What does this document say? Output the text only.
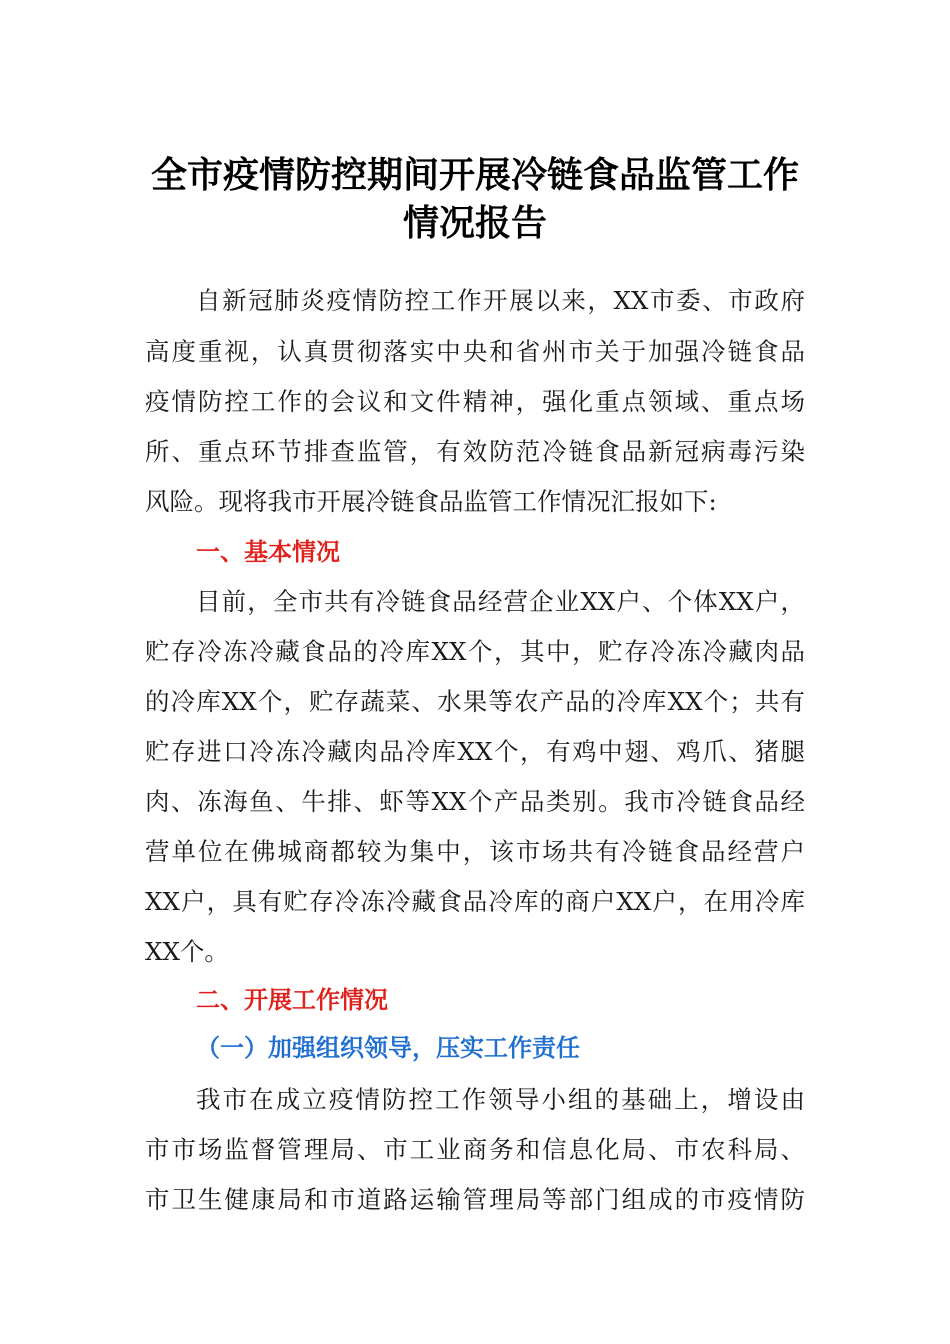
全市疫情防控期间开展冷链食品监管工作
情况报告

自新冠肺炎疫情防控工作开展以来，XX市委、市政府

高度重视，认真贯彻落实中央和省州市关于加强冷链食品

疫情防控工作的会议和文件精神，强化重点领域、重点场

所、重点环节排查监管，有效防范冷链食品新冠病毒污染

风险。现将我市开展冷链食品监管工作情况汇报如下:

一、基本情况

目前，全市共有冷链食品经营企业XX户、个体XX户，

贮存冷冻冷藏食品的冷库XX个，其中，贮存冷冻冷藏肉品

的冷库XX个，贮存蔬菜、水果等农产品的冷库XX个；共有

贮存进口冷冻冷藏肉品冷库XX个，有鸡中翅、鸡爪、猪腿

肉、冻海鱼、牛排、虾等XX个产品类别。我市冷链食品经

营单位在佛城商都较为集中，该市场共有冷链食品经营户

XX户，具有贮存冷冻冷藏食品冷库的商户XX户，在用冷库

XX个。

二、开展工作情况
（一）加强组织领导，压实工作责任

我市在成立疫情防控工作领导小组的基础上，增设由

市市场监督管理局、市工业商务和信息化局、市农科局、

市卫生健康局和市道路运输管理局等部门组成的市疫情防
